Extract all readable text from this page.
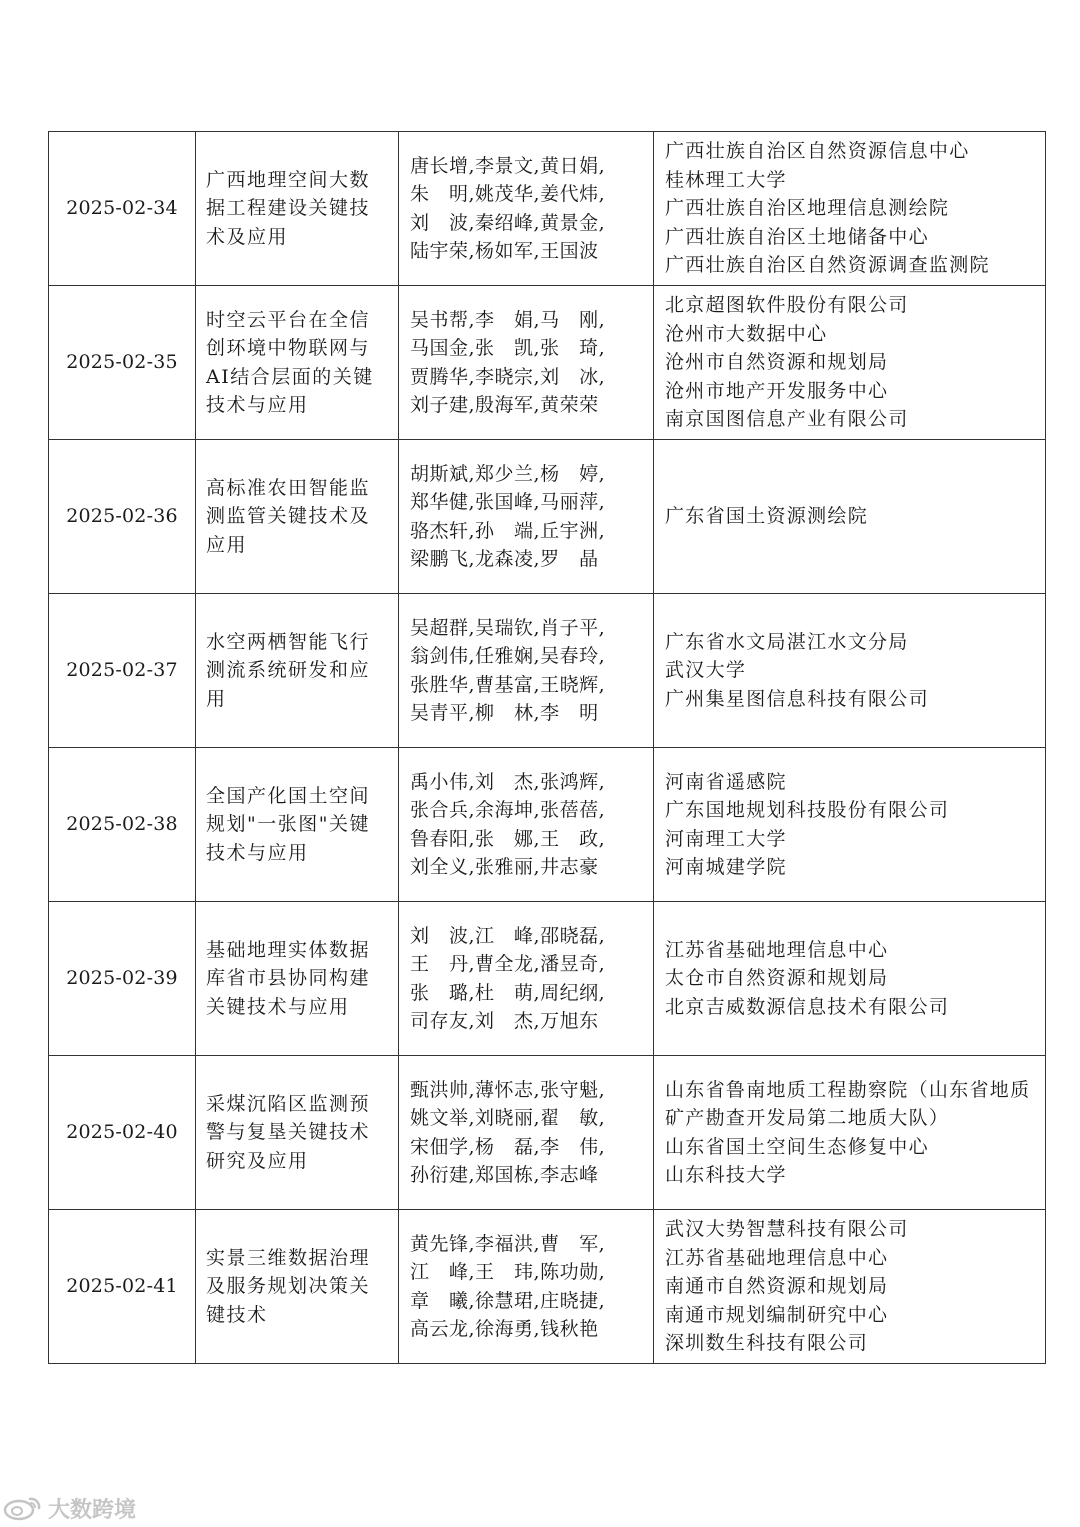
2025-02-34	广西地理空间大数据工程建设关键技术及应用	唐长增,李景文,黄日娟,
朱　明,姚茂华,姜代炜,
刘　波,秦绍峰,黄景金,
陆宇荣,杨如军,王国波	广西壮族自治区自然资源信息中心
桂林理工大学
广西壮族自治区地理信息测绘院
广西壮族自治区土地储备中心
广西壮族自治区自然资源调查监测院

2025-02-35	时空云平台在全信创环境中物联网与AI结合层面的关键技术与应用	吴书帮,李　娟,马　刚,
马国金,张　凯,张　琦,
贾腾华,李晓宗,刘　冰,
刘子建,殷海军,黄荣荣	北京超图软件股份有限公司
沧州市大数据中心
沧州市自然资源和规划局
沧州市地产开发服务中心
南京国图信息产业有限公司

2025-02-36	高标准农田智能监测监管关键技术及应用	胡斯斌,郑少兰,杨　婷,
郑华健,张国峰,马丽萍,
骆杰轩,孙　端,丘宇洲,
梁鹏飞,龙森凌,罗　晶	广东省国土资源测绘院

2025-02-37	水空两栖智能飞行测流系统研发和应用	吴超群,吴瑞钦,肖子平,
翁剑伟,任雅娴,吴春玲,
张胜华,曹基富,王晓辉,
吴青平,柳　林,李　明	广东省水文局湛江水文分局
武汉大学
广州集星图信息科技有限公司

2025-02-38	全国产化国土空间规划"一张图"关键技术与应用	禹小伟,刘　杰,张鸿辉,
张合兵,余海坤,张蓓蓓,
鲁春阳,张　娜,王　政,
刘全义,张雅丽,井志豪	河南省遥感院
广东国地规划科技股份有限公司
河南理工大学
河南城建学院

2025-02-39	基础地理实体数据库省市县协同构建关键技术与应用	刘　波,江　峰,邵晓磊,
王　丹,曹全龙,潘昱奇,
张　璐,杜　萌,周纪纲,
司存友,刘　杰,万旭东	江苏省基础地理信息中心
太仓市自然资源和规划局
北京吉威数源信息技术有限公司

2025-02-40	采煤沉陷区监测预警与复垦关键技术研究及应用	甄洪帅,薄怀志,张守魁,
姚文举,刘晓丽,翟　敏,
宋佃学,杨　磊,李　伟,
孙衍建,郑国栋,李志峰	山东省鲁南地质工程勘察院（山东省地质矿产勘查开发局第二地质大队）
山东省国土空间生态修复中心
山东科技大学

2025-02-41	实景三维数据治理及服务规划决策关键技术	黄先锋,李福洪,曹　军,
江　峰,王　玮,陈功勋,
章　曦,徐慧珺,庄晓捷,
高云龙,徐海勇,钱秋艳	武汉大势智慧科技有限公司
江苏省基础地理信息中心
南通市自然资源和规划局
南通市规划编制研究中心
深圳数生科技有限公司
大数跨境
